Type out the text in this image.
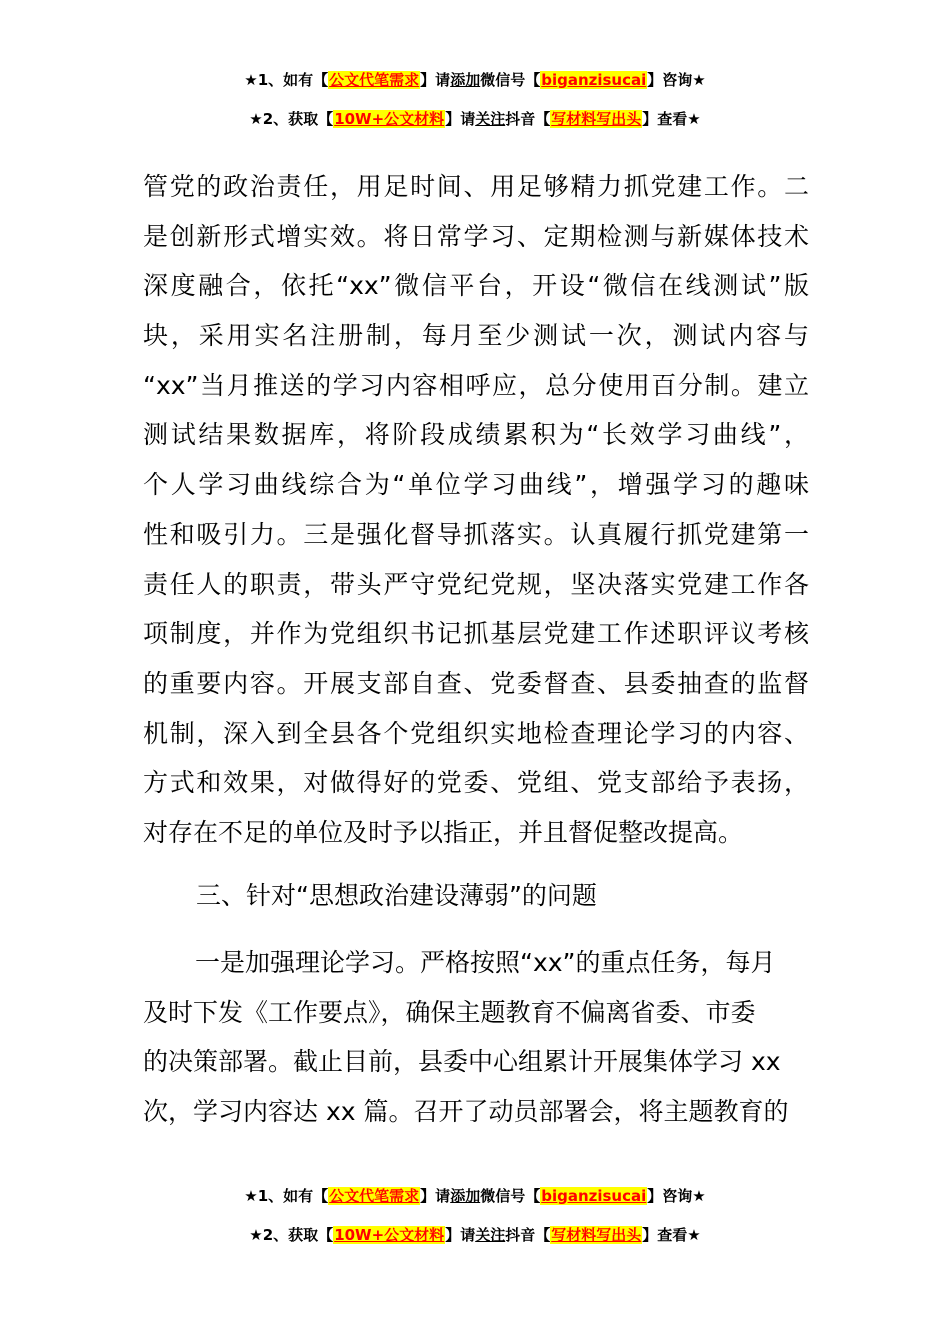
★1、如有【公文代笔需求】请添加微信号【biganzisucai】咨询★
★2、获取【10W+公文材料】请关注抖音【写材料写出头】查看★
管党的政治责任，用足时间、用足够精力抓党建工作。二
是创新形式增实效。将日常学习、定期检测与新媒体技术
深度融合，依托“xx”微信平台，开设“微信在线测试”版
块，采用实名注册制，每月至少测试一次，测试内容与
“xx”当月推送的学习内容相呼应，总分使用百分制。建立
测试结果数据库，将阶段成绩累积为“长效学习曲线”，
个人学习曲线综合为“单位学习曲线”，增强学习的趣味
性和吸引力。三是强化督导抓落实。认真履行抓党建第一
责任人的职责，带头严守党纪党规，坚决落实党建工作各
项制度，并作为党组织书记抓基层党建工作述职评议考核
的重要内容。开展支部自查、党委督查、县委抽查的监督
机制，深入到全县各个党组织实地检查理论学习的内容、
方式和效果，对做得好的党委、党组、党支部给予表扬，
对存在不足的单位及时予以指正，并且督促整改提高。
三、针对“思想政治建设薄弱”的问题
一是加强理论学习。严格按照“xx”的重点任务，每月
及时下发《工作要点》，确保主题教育不偏离省委、市委
的决策部署。截止目前，县委中心组累计开展集体学习 xx
次，学习内容达 xx 篇。召开了动员部署会，将主题教育的
★1、如有【公文代笔需求】请添加微信号【biganzisucai】咨询★
★2、获取【10W+公文材料】请关注抖音【写材料写出头】查看★
